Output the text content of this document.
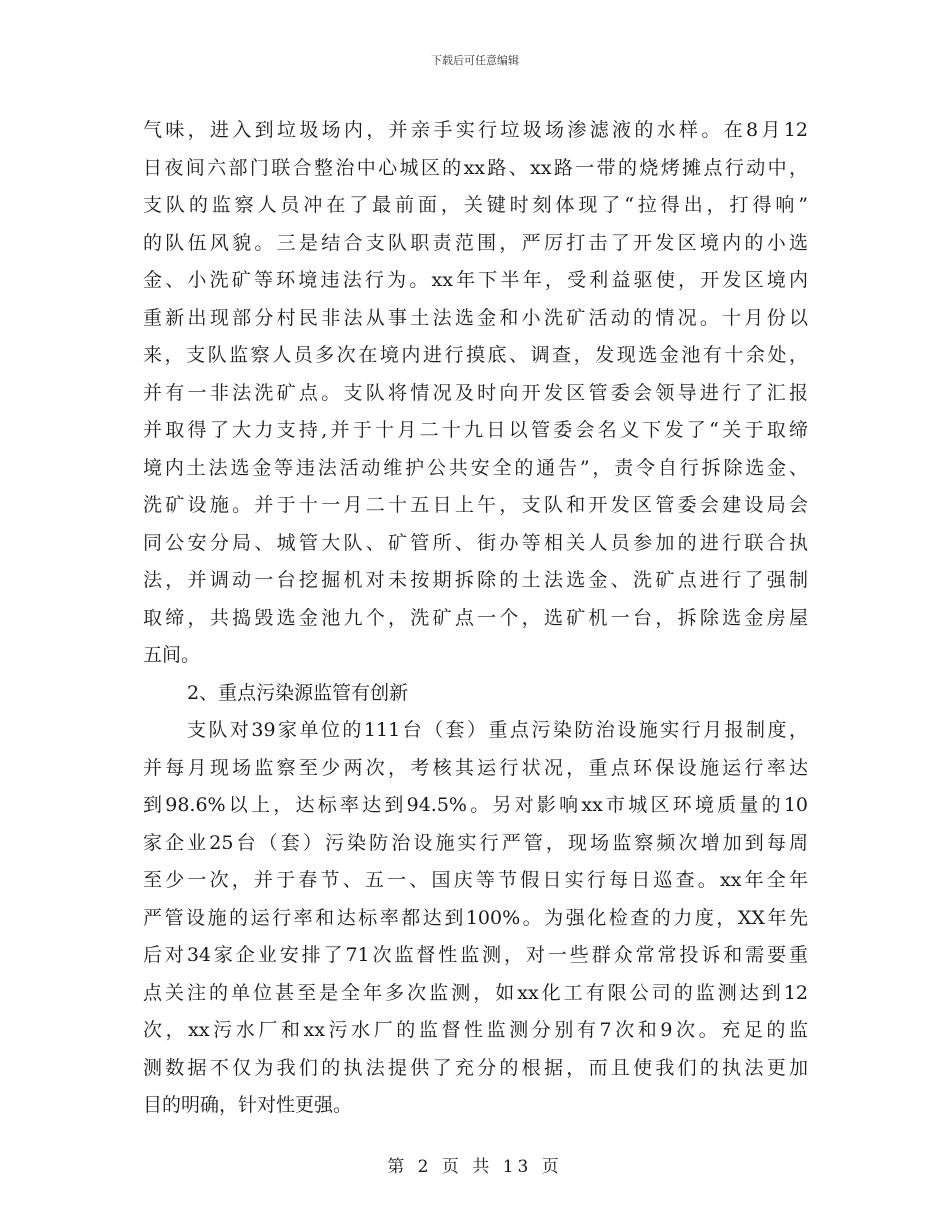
下载后可任意编辑
气味，进入到垃圾场内，并亲手实行垃圾场渗滤液的水样。在8月12
日夜间六部门联合整治中心城区的xx路、xx路一带的烧烤摊点行动中，
支队的监察人员冲在了最前面，关键时刻体现了“拉得出，打得响”
的队伍风貌。三是结合支队职责范围，严厉打击了开发区境内的小选
金、小洗矿等环境违法行为。xx年下半年，受利益驱使，开发区境内
重新出现部分村民非法从事土法选金和小洗矿活动的情况。十月份以
来，支队监察人员多次在境内进行摸底、调查，发现选金池有十余处，
并有一非法洗矿点。支队将情况及时向开发区管委会领导进行了汇报
并取得了大力支持,并于十月二十九日以管委会名义下发了“关于取缔
境内土法选金等违法活动维护公共安全的通告”，责令自行拆除选金、
洗矿设施。并于十一月二十五日上午，支队和开发区管委会建设局会
同公安分局、城管大队、矿管所、街办等相关人员参加的进行联合执
法，并调动一台挖掘机对未按期拆除的土法选金、洗矿点进行了强制
取缔，共捣毁选金池九个，洗矿点一个，选矿机一台，拆除选金房屋
五间。
2、重点污染源监管有创新
支队对39家单位的111台（套）重点污染防治设施实行月报制度，
并每月现场监察至少两次，考核其运行状况，重点环保设施运行率达
到98.6%以上，达标率达到94.5%。另对影响xx市城区环境质量的10
家企业25台（套）污染防治设施实行严管，现场监察频次增加到每周
至少一次，并于春节、五一、国庆等节假日实行每日巡查。xx年全年
严管设施的运行率和达标率都达到100%。为强化检查的力度，XX年先
后对34家企业安排了71次监督性监测，对一些群众常常投诉和需要重
点关注的单位甚至是全年多次监测，如xx化工有限公司的监测达到12
次，xx污水厂和xx污水厂的监督性监测分别有7次和9次。充足的监
测数据不仅为我们的执法提供了充分的根据，而且使我们的执法更加
目的明确，针对性更强。
第 2 页 共 13 页
